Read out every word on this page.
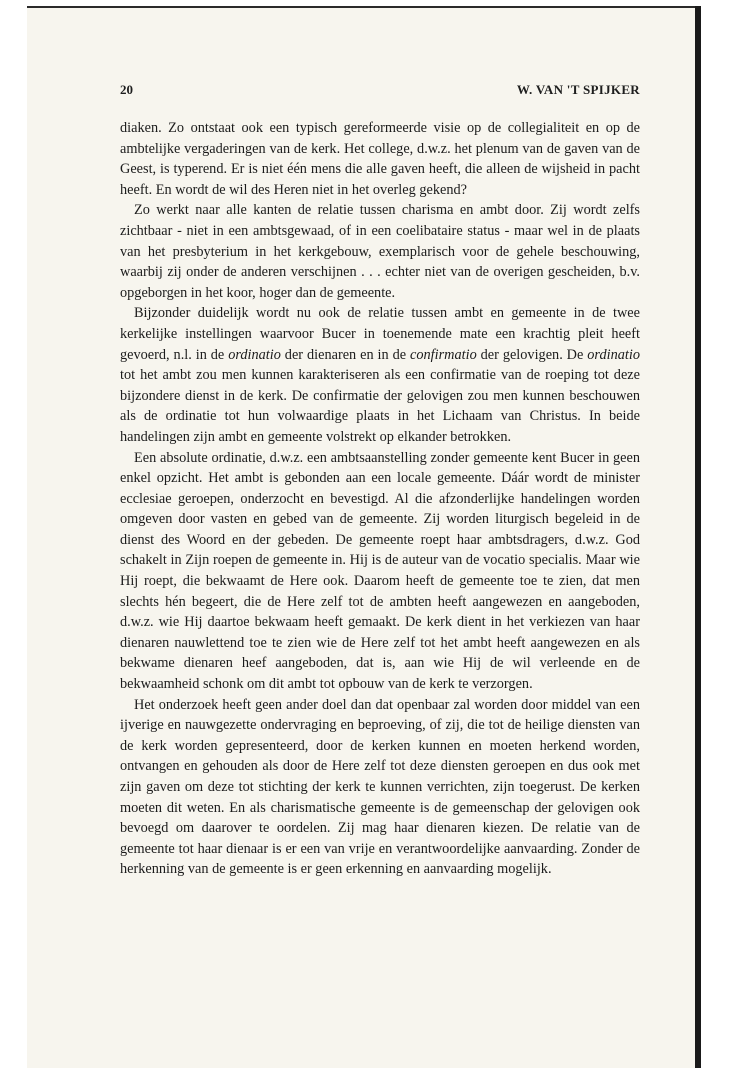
20	W. VAN 'T SPIJKER

diaken. Zo ontstaat ook een typisch gereformeerde visie op de collegialiteit en op de ambtelijke vergaderingen van de kerk. Het college, d.w.z. het plenum van de gaven van de Geest, is typerend. Er is niet één mens die alle gaven heeft, die alleen de wijsheid in pacht heeft. En wordt de wil des Heren niet in het overleg gekend?

Zo werkt naar alle kanten de relatie tussen charisma en ambt door. Zij wordt zelfs zichtbaar - niet in een ambtsgewaad, of in een coelibataire status - maar wel in de plaats van het presbyterium in het kerkgebouw, exemplarisch voor de gehele beschouwing, waarbij zij onder de anderen verschijnen . . . echter niet van de overigen gescheiden, b.v. opgeborgen in het koor, hoger dan de gemeente.

Bijzonder duidelijk wordt nu ook de relatie tussen ambt en gemeente in de twee kerkelijke instellingen waarvoor Bucer in toenemende mate een krachtig pleit heeft gevoerd, n.l. in de ordinatio der dienaren en in de confirmatio der gelovigen. De ordinatio tot het ambt zou men kunnen karakteriseren als een confirmatie van de roeping tot deze bijzondere dienst in de kerk. De confirmatie der gelovigen zou men kunnen beschouwen als de ordinatie tot hun volwaardige plaats in het Lichaam van Christus. In beide handelingen zijn ambt en gemeente volstrekt op elkander betrokken.

Een absolute ordinatie, d.w.z. een ambtsaanstelling zonder gemeente kent Bucer in geen enkel opzicht. Het ambt is gebonden aan een locale gemeente. Dáár wordt de minister ecclesiae geroepen, onderzocht en bevestigd. Al die afzonderlijke handelingen worden omgeven door vasten en gebed van de gemeente. Zij worden liturgisch begeleid in de dienst des Woord en der gebeden. De gemeente roept haar ambtsdragers, d.w.z. God schakelt in Zijn roepen de gemeente in. Hij is de auteur van de vocatio specialis. Maar wie Hij roept, die bekwaamt de Here ook. Daarom heeft de gemeente toe te zien, dat men slechts hén begeert, die de Here zelf tot de ambten heeft aangewezen en aangeboden, d.w.z. wie Hij daartoe bekwaam heeft gemaakt. De kerk dient in het verkiezen van haar dienaren nauwlettend toe te zien wie de Here zelf tot het ambt heeft aangewezen en als bekwame dienaren heef aangeboden, dat is, aan wie Hij de wil verleende en de bekwaamheid schonk om dit ambt tot opbouw van de kerk te verzorgen.

Het onderzoek heeft geen ander doel dan dat openbaar zal worden door middel van een ijverige en nauwgezette ondervraging en beproeving, of zij, die tot de heilige diensten van de kerk worden gepresenteerd, door de kerken kunnen en moeten herkend worden, ontvangen en gehouden als door de Here zelf tot deze diensten geroepen en dus ook met zijn gaven om deze tot stichting der kerk te kunnen verrichten, zijn toegerust. De kerken moeten dit weten. En als charismatische gemeente is de gemeenschap der gelovigen ook bevoegd om daarover te oordelen. Zij mag haar dienaren kiezen. De relatie van de gemeente tot haar dienaar is er een van vrije en verantwoordelijke aanvaarding. Zonder de herkenning van de gemeente is er geen erkenning en aanvaarding mogelijk.
